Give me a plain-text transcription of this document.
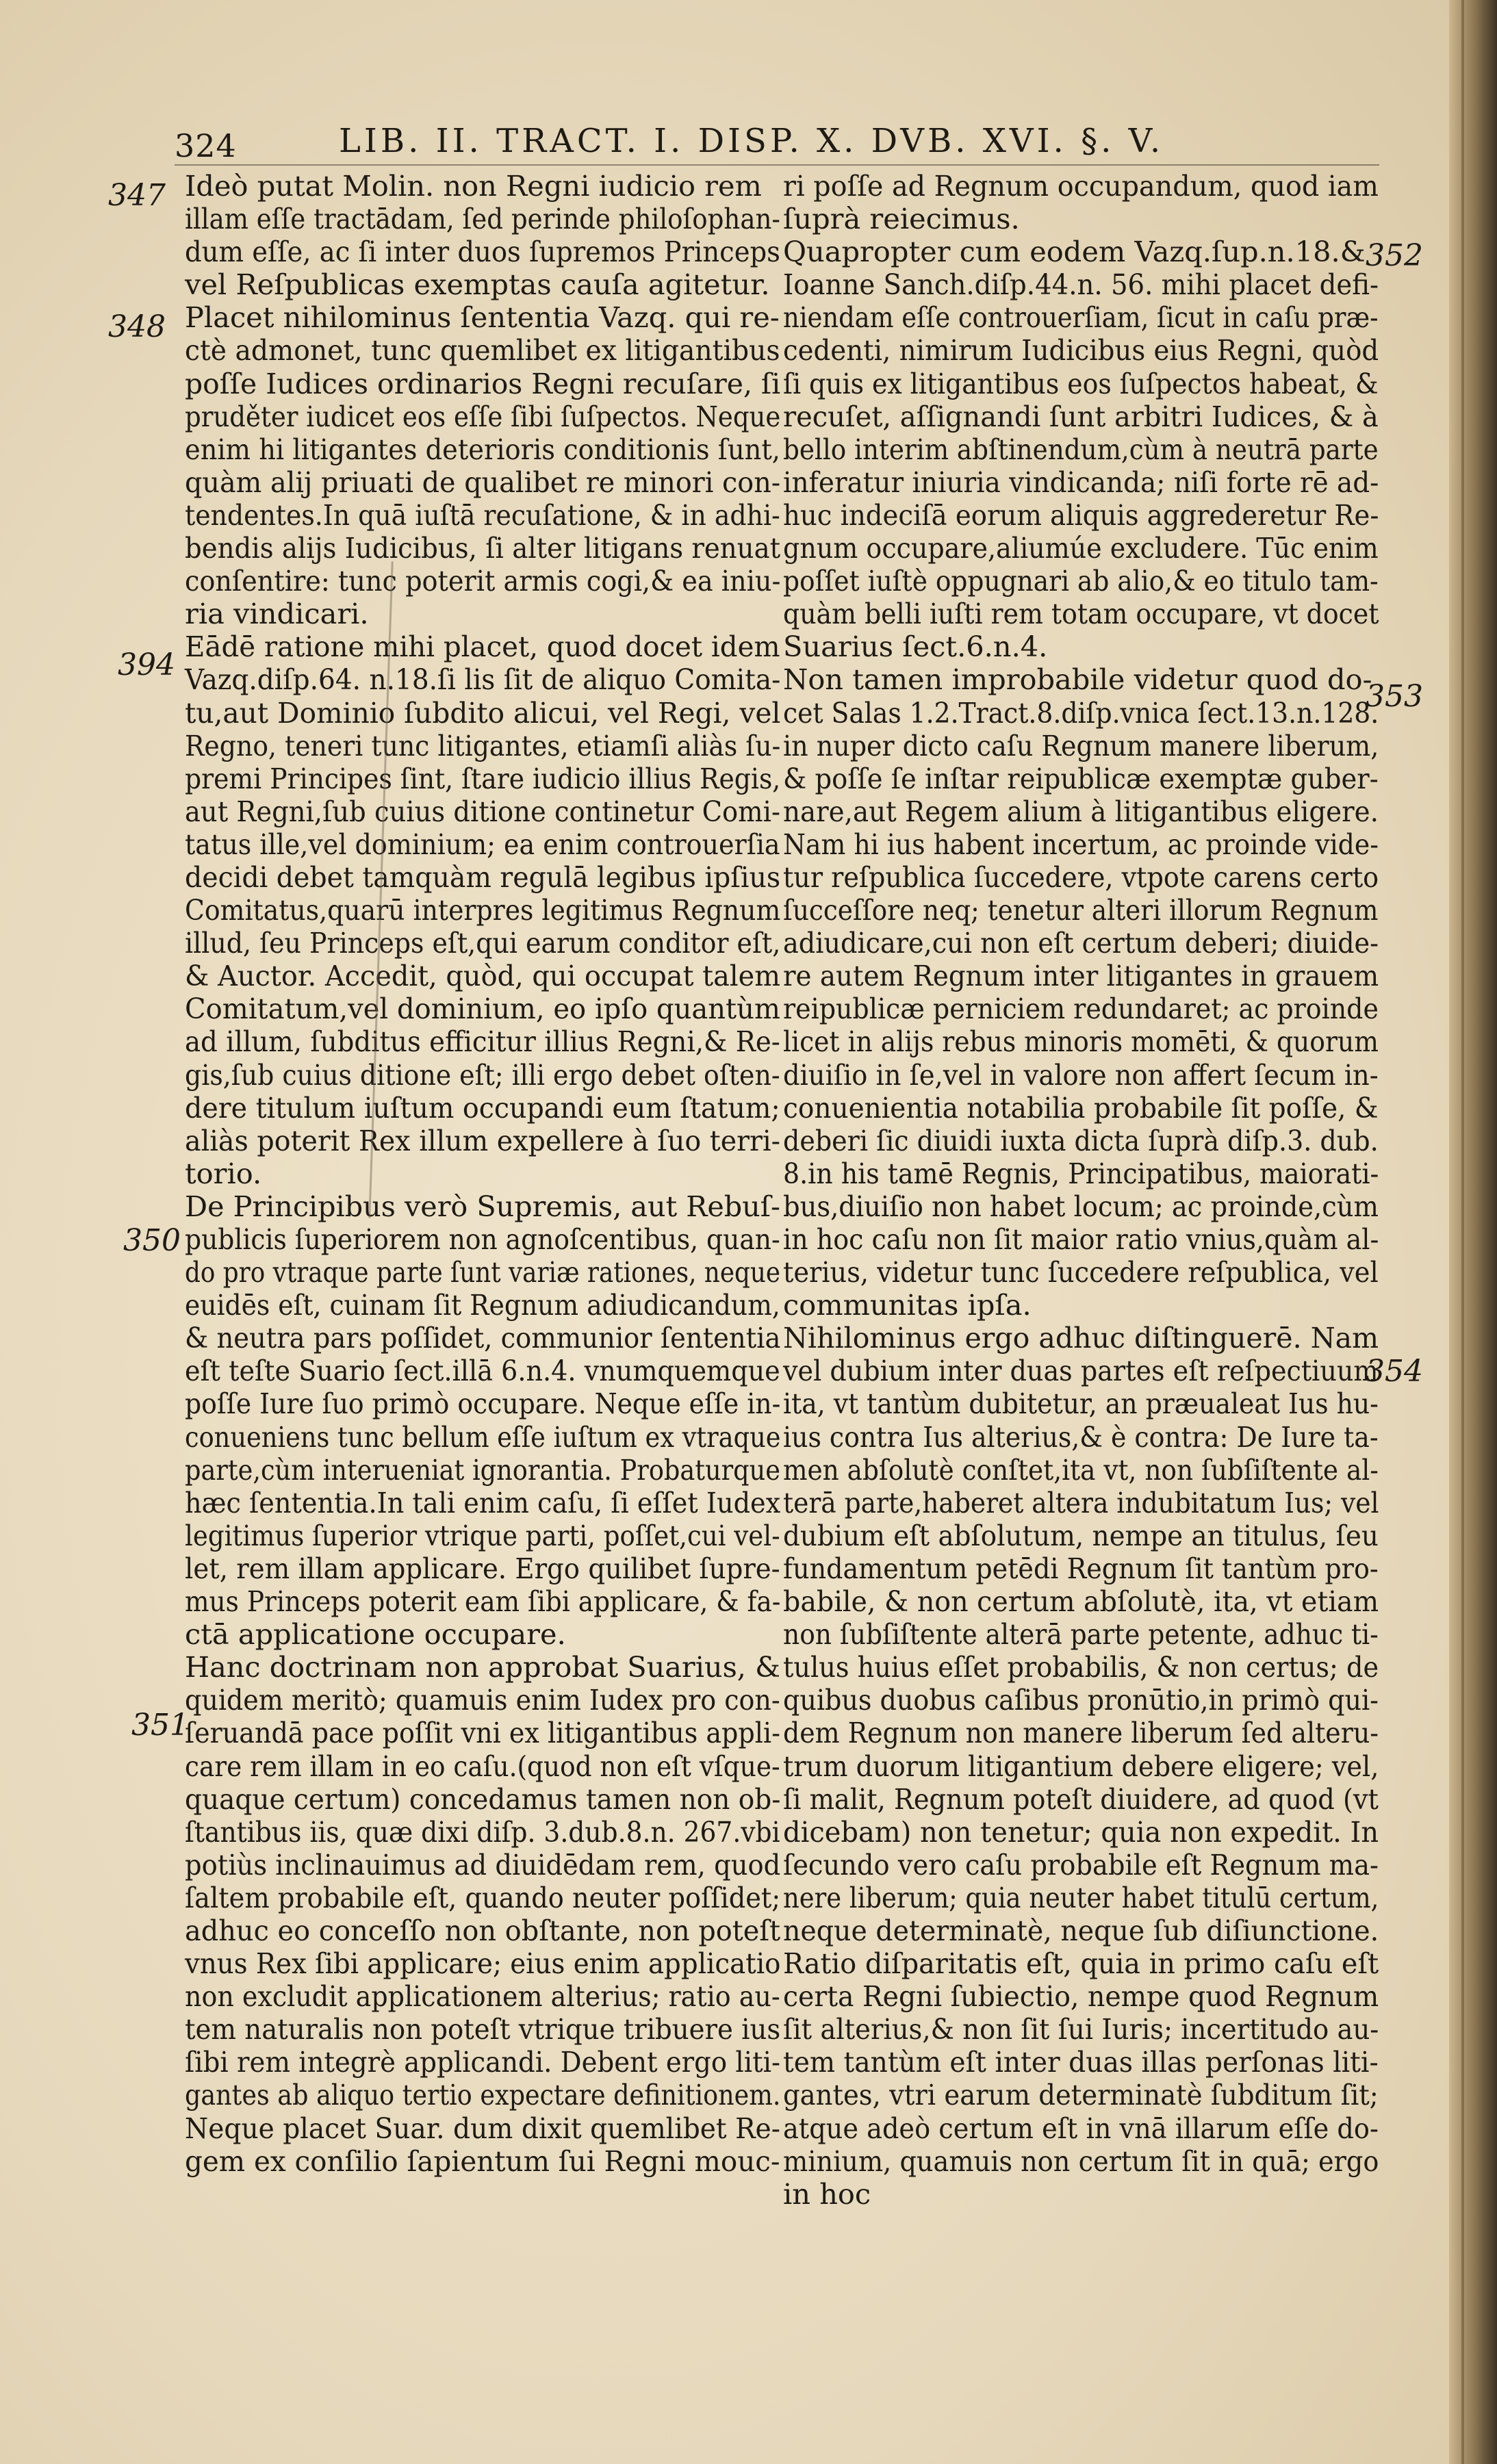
324	LIB. II. TRACT. I. DISP. X. DVB. XVI. §. V.
347
348
394
350
351
352
353
354
Ideò putat Molin. non Regni iudicio rem
illam eſſe tractādam, ſed perinde philoſophan-
dum eſſe, ac ſi inter duos ſupremos Princeps
vel Reſpublicas exemptas cauſa agitetur.
Placet nihilominus ſententia Vazq. qui re-
ctè admonet, tunc quemlibet ex litigantibus
poſſe Iudices ordinarios Regni recuſare, ſi
pruděter iudicet eos eſſe ſibi ſuſpectos. Neque
enim hi litigantes deterioris conditionis ſunt,
quàm alij priuati de qualibet re minori con-
tendentes.In quā iuſtā recuſatione, & in adhi-
bendis alijs Iudicibus, ſi alter litigans renuat
conſentire: tunc poterit armis cogi,& ea iniu-
ria vindicari.
Eādē ratione mihi placet, quod docet idem
Vazq.diſp.64. n.18.ſi lis ſit de aliquo Comita-
tu,aut Dominio ſubdito alicui, vel Regi, vel
Regno, teneri tunc litigantes, etiamſi aliàs ſu-
premi Principes ſint, ſtare iudicio illius Regis,
aut Regni,ſub cuius ditione continetur Comi-
tatus ille,vel dominium; ea enim controuerſia
decidi debet tamquàm regulā legibus ipſius
Comitatus,quarū interpres legitimus Regnum
illud, ſeu Princeps eſt,qui earum conditor eſt,
& Auctor. Accedit, quòd, qui occupat talem
Comitatum,vel dominium, eo ipſo quantùm
ad illum, ſubditus efficitur illius Regni,& Re-
gis,ſub cuius ditione eſt; illi ergo debet oſten-
dere titulum iuſtum occupandi eum ſtatum;
aliàs poterit Rex illum expellere à ſuo terri-
torio.
De Principibus verò Supremis, aut Rebuſ-
publicis ſuperiorem non agnoſcentibus, quan-
do pro vtraque parte ſunt variæ rationes, neque
euidēs eſt, cuinam ſit Regnum adiudicandum,
& neutra pars poſſidet, communior ſententia
eſt teſte Suario ſect.illā 6.n.4. vnumquemque
poſſe Iure ſuo primò occupare. Neque eſſe in-
conueniens tunc bellum eſſe iuſtum ex vtraque
parte,cùm interueniat ignorantia. Probaturque
hæc ſententia.In tali enim caſu, ſi eſſet Iudex
legitimus ſuperior vtrique parti, poſſet,cui vel-
let, rem illam applicare. Ergo quilibet ſupre-
mus Princeps poterit eam ſibi applicare, & fa-
ctā applicatione occupare.
Hanc doctrinam non approbat Suarius, &
quidem meritò; quamuis enim Iudex pro con-
ſeruandā pace poſſit vni ex litigantibus appli-
care rem illam in eo caſu.(quod non eſt vſque-
quaque certum) concedamus tamen non ob-
ſtantibus iis, quæ dixi diſp. 3.dub.8.n. 267.vbi
potiùs inclinauimus ad diuidēdam rem, quod
ſaltem probabile eſt, quando neuter poſſidet;
adhuc eo conceſſo non obſtante, non poteſt
vnus Rex ſibi applicare; eius enim applicatio
non excludit applicationem alterius; ratio au-
tem naturalis non poteſt vtrique tribuere ius
ſibi rem integrè applicandi. Debent ergo liti-
gantes ab aliquo tertio expectare definitionem.
Neque placet Suar. dum dixit quemlibet Re-
gem ex conſilio ſapientum ſui Regni mouc-
ri poſſe ad Regnum occupandum, quod iam
ſuprà reiecimus.
Quapropter cum eodem Vazq.ſup.n.18.&
Ioanne Sanch.diſp.44.n. 56. mihi placet defi-
niendam eſſe controuerſiam, ſicut in caſu præ-
cedenti, nimirum Iudicibus eius Regni, quòd
ſi quis ex litigantibus eos ſuſpectos habeat, &
recuſet, aſſignandi ſunt arbitri Iudices, & à
bello interim abſtinendum,cùm à neutrā parte
inferatur iniuria vindicanda; niſi forte rē ad-
huc indeciſā eorum aliquis aggrederetur Re-
gnum occupare,aliumúe excludere. Tūc enim
poſſet iuſtè oppugnari ab alio,& eo titulo tam-
quàm belli iuſti rem totam occupare, vt docet
Suarius ſect.6.n.4.
Non tamen improbabile videtur quod do-
cet Salas 1.2.Tract.8.diſp.vnica ſect.13.n.128.
in nuper dicto caſu Regnum manere liberum,
& poſſe ſe inſtar reipublicæ exemptæ guber-
nare,aut Regem alium à litigantibus eligere.
Nam hi ius habent incertum, ac proinde vide-
tur reſpublica ſuccedere, vtpote carens certo
ſucceſſore neq; tenetur alteri illorum Regnum
adiudicare,cui non eſt certum deberi; diuide-
re autem Regnum inter litigantes in grauem
reipublicæ perniciem redundaret; ac proinde
licet in alijs rebus minoris momēti, & quorum
diuiſio in ſe,vel in valore non affert ſecum in-
conuenientia notabilia probabile ſit poſſe, &
deberi ſic diuidi iuxta dicta ſuprà diſp.3. dub.
8.in his tamē Regnis, Principatibus, maiorati-
bus,diuiſio non habet locum; ac proinde,cùm
in hoc caſu non ſit maior ratio vnius,quàm al-
terius, videtur tunc ſuccedere reſpublica, vel
communitas ipſa.
Nihilominus ergo adhuc diſtinguerē. Nam
vel dubium inter duas partes eſt reſpectiuum
ita, vt tantùm dubitetur, an præualeat Ius hu-
ius contra Ius alterius,& è contra: De Iure ta-
men abſolutè conſtet,ita vt, non ſubſiſtente al-
terā parte,haberet altera indubitatum Ius; vel
dubium eſt abſolutum, nempe an titulus, ſeu
fundamentum petēdi Regnum ſit tantùm pro-
babile, & non certum abſolutè, ita, vt etiam
non ſubſiſtente alterā parte petente, adhuc ti-
tulus huius eſſet probabilis, & non certus; de
quibus duobus caſibus pronūtio,in primò qui-
dem Regnum non manere liberum ſed alteru-
trum duorum litigantium debere eligere; vel,
ſi malit, Regnum poteſt diuidere, ad quod (vt
dicebam) non tenetur; quia non expedit. In
ſecundo vero caſu probabile eſt Regnum ma-
nere liberum; quia neuter habet titulū certum,
neque determinatè, neque ſub diſiunctione.
Ratio diſparitatis eſt, quia in primo caſu eſt
certa Regni ſubiectio, nempe quod Regnum
ſit alterius,& non ſit ſui Iuris; incertitudo au-
tem tantùm eſt inter duas illas perſonas liti-
gantes, vtri earum determinatè ſubditum ſit;
atque adeò certum eſt in vnā illarum eſſe do-
minium, quamuis non certum ſit in quā; ergo
in hoc
